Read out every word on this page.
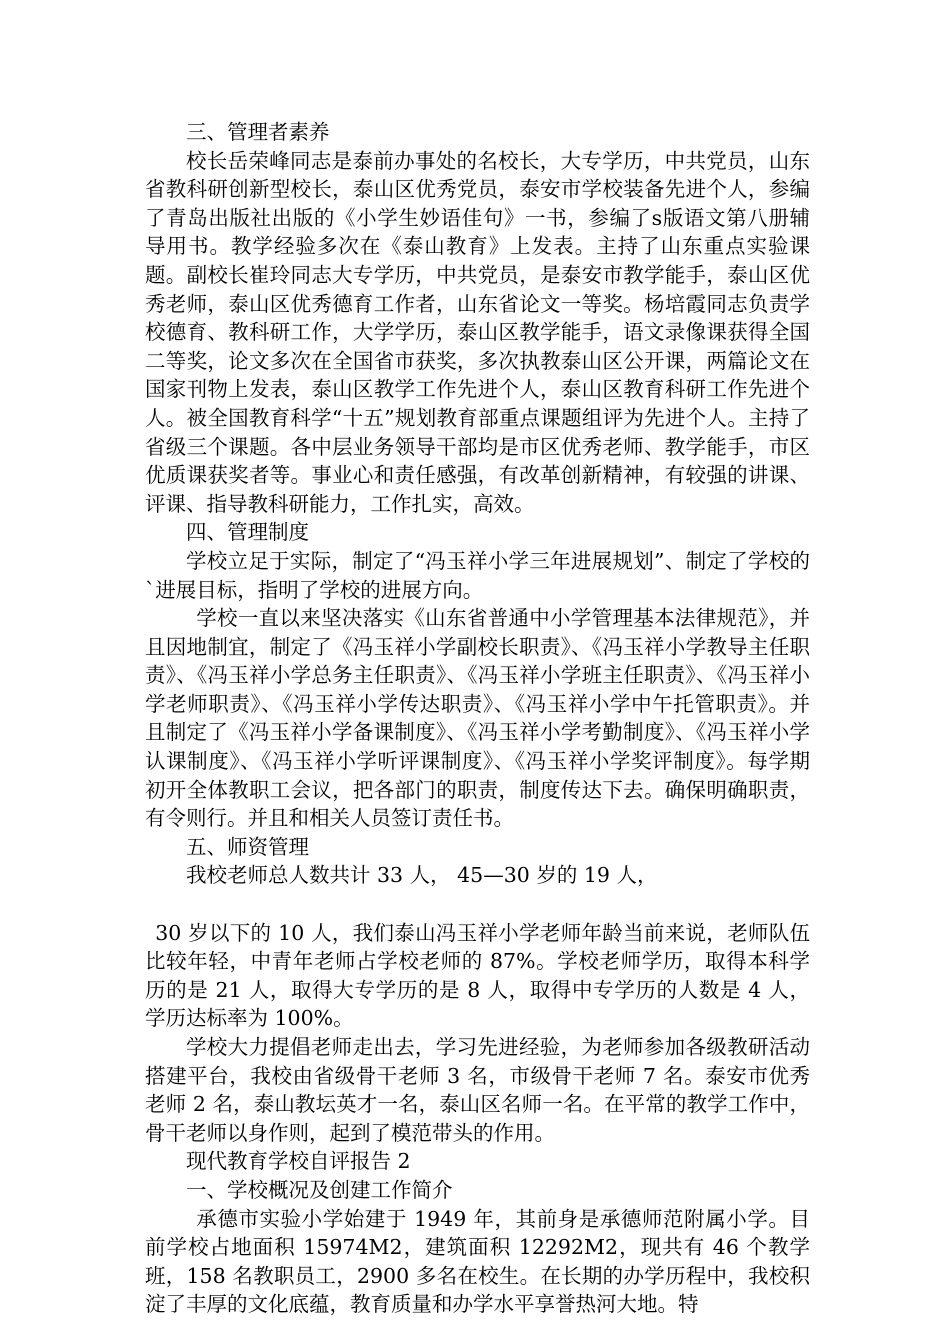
三、管理者素养

校长岳荣峰同志是泰前办事处的名校长，大专学历，中共党员，山东省教科研创新型校长，泰山区优秀党员，泰安市学校装备先进个人，参编了青岛出版社出版的《小学生妙语佳句》一书，参编了s版语文第八册辅导用书。教学经验多次在《泰山教育》上发表。主持了山东重点实验课题。副校长崔玲同志大专学历，中共党员，是泰安市教学能手，泰山区优秀老师，泰山区优秀德育工作者，山东省论文一等奖。杨培霞同志负责学校德育、教科研工作，大学学历，泰山区教学能手，语文录像课获得全国二等奖，论文多次在全国省市获奖，多次执教泰山区公开课，两篇论文在国家刊物上发表，泰山区教学工作先进个人，泰山区教育科研工作先进个人。被全国教育科学“十五”规划教育部重点课题组评为先进个人。主持了省级三个课题。各中层业务领导干部均是市区优秀老师、教学能手，市区优质课获奖者等。事业心和责任感强，有改革创新精神，有较强的讲课、评课、指导教科研能力，工作扎实，高效。

四、管理制度

学校立足于实际，制定了“冯玉祥小学三年进展规划”、制定了学校的`进展目标，指明了学校的进展方向。

学校一直以来坚决落实《山东省普通中小学管理基本法律规范》，并且因地制宜，制定了《冯玉祥小学副校长职责》、《冯玉祥小学教导主任职责》、《冯玉祥小学总务主任职责》、《冯玉祥小学班主任职责》、《冯玉祥小学老师职责》、《冯玉祥小学传达职责》、《冯玉祥小学中午托管职责》。并且制定了《冯玉祥小学备课制度》、《冯玉祥小学考勤制度》、《冯玉祥小学认课制度》、《冯玉祥小学听评课制度》、《冯玉祥小学奖评制度》。每学期初开全体教职工会议，把各部门的职责，制度传达下去。确保明确职责，有令则行。并且和相关人员签订责任书。

五、师资管理

我校老师总人数共计 33 人， 45—30 岁的 19 人，

30 岁以下的 10 人，我们泰山冯玉祥小学老师年龄当前来说，老师队伍比较年轻，中青年老师占学校老师的 87%。学校老师学历，取得本科学历的是 21 人，取得大专学历的是 8 人，取得中专学历的人数是 4 人，学历达标率为 100%。

学校大力提倡老师走出去，学习先进经验，为老师参加各级教研活动搭建平台，我校由省级骨干老师 3 名，市级骨干老师 7 名。泰安市优秀老师 2 名，泰山教坛英才一名，泰山区名师一名。在平常的教学工作中，骨干老师以身作则，起到了模范带头的作用。

现代教育学校自评报告 2

一、学校概况及创建工作简介

承德市实验小学始建于 1949 年，其前身是承德师范附属小学。目前学校占地面积 15974M2，建筑面积 12292M2，现共有 46 个教学班，158 名教职员工，2900 多名在校生。在长期的办学历程中，我校积淀了丰厚的文化底蕴，教育质量和办学水平享誉热河大地。特
